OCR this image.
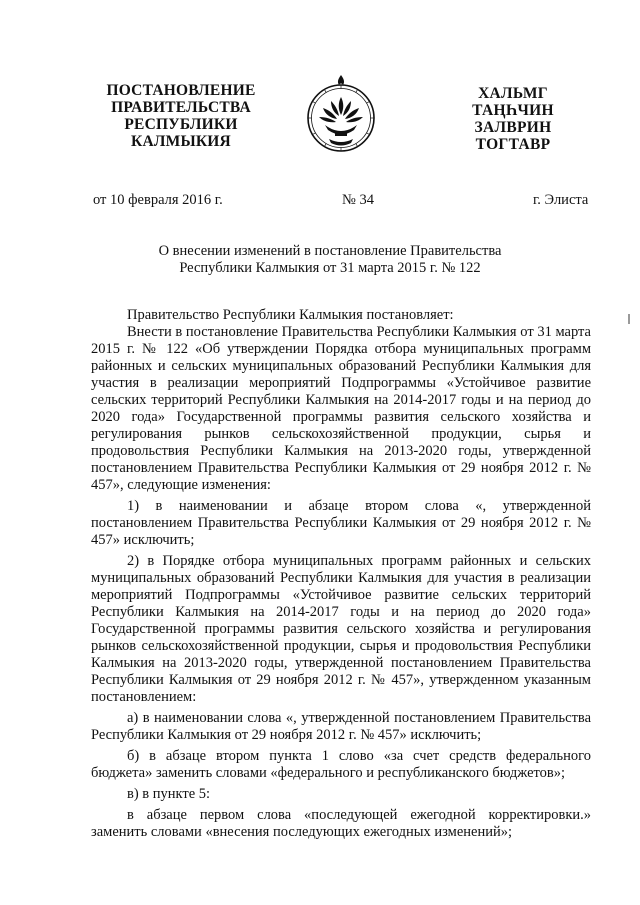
ПОСТАНОВЛЕНИЕ
ПРАВИТЕЛЬСТВА
РЕСПУБЛИКИ
КАЛМЫКИЯ
ХАЛЬМГ
ТАҢҺЧИН
ЗАЛВРИН
ТОГТАВР
от 10 февраля 2016 г.	№ 34	г. Элиста
О внесении изменений в постановление Правительства
Республики Калмыкия от 31 марта 2015 г. № 122

Правительство Республики Калмыкия постановляет:

Внести в постановление Правительства Республики Калмыкия от 31 марта 2015 г. № 122 «Об утверждении Порядка отбора муниципальных программ районных и сельских муниципальных образований Республики Калмыкия для участия в реализации мероприятий Подпрограммы «Устойчивое развитие сельских территорий Республики Калмыкия на 2014-2017 годы и на период до 2020 года» Государственной программы развития сельского хозяйства и регулирования рынков сельскохозяйственной продукции, сырья и продовольствия Республики Калмыкия на 2013-2020 годы, утвержденной постановлением Правительства Республики Калмыкия от 29 ноября 2012 г. № 457», следующие изменения:

1) в наименовании и абзаце втором слова «, утвержденной постановлением Правительства Республики Калмыкия от 29 ноября 2012 г. № 457» исключить;

2) в Порядке отбора муниципальных программ районных и сельских муниципальных образований Республики Калмыкия для участия в реализации мероприятий Подпрограммы «Устойчивое развитие сельских территорий Республики Калмыкия на 2014-2017 годы и на период до 2020 года» Государственной программы развития сельского хозяйства и регулирования рынков сельскохозяйственной продукции, сырья и продовольствия Республики Калмыкия на 2013-2020 годы, утвержденной постановлением Правительства Республики Калмыкия от 29 ноября 2012 г. № 457», утвержденном указанным постановлением:

а) в наименовании слова «, утвержденной постановлением Правительства Республики Калмыкия от 29 ноября 2012 г. № 457» исключить;

б) в абзаце втором пункта 1 слово «за счет средств федерального бюджета» заменить словами «федерального и республиканского бюджетов»;

в) в пункте 5:

в абзаце первом слова «последующей ежегодной корректировки.» заменить словами «внесения последующих ежегодных изменений»;
